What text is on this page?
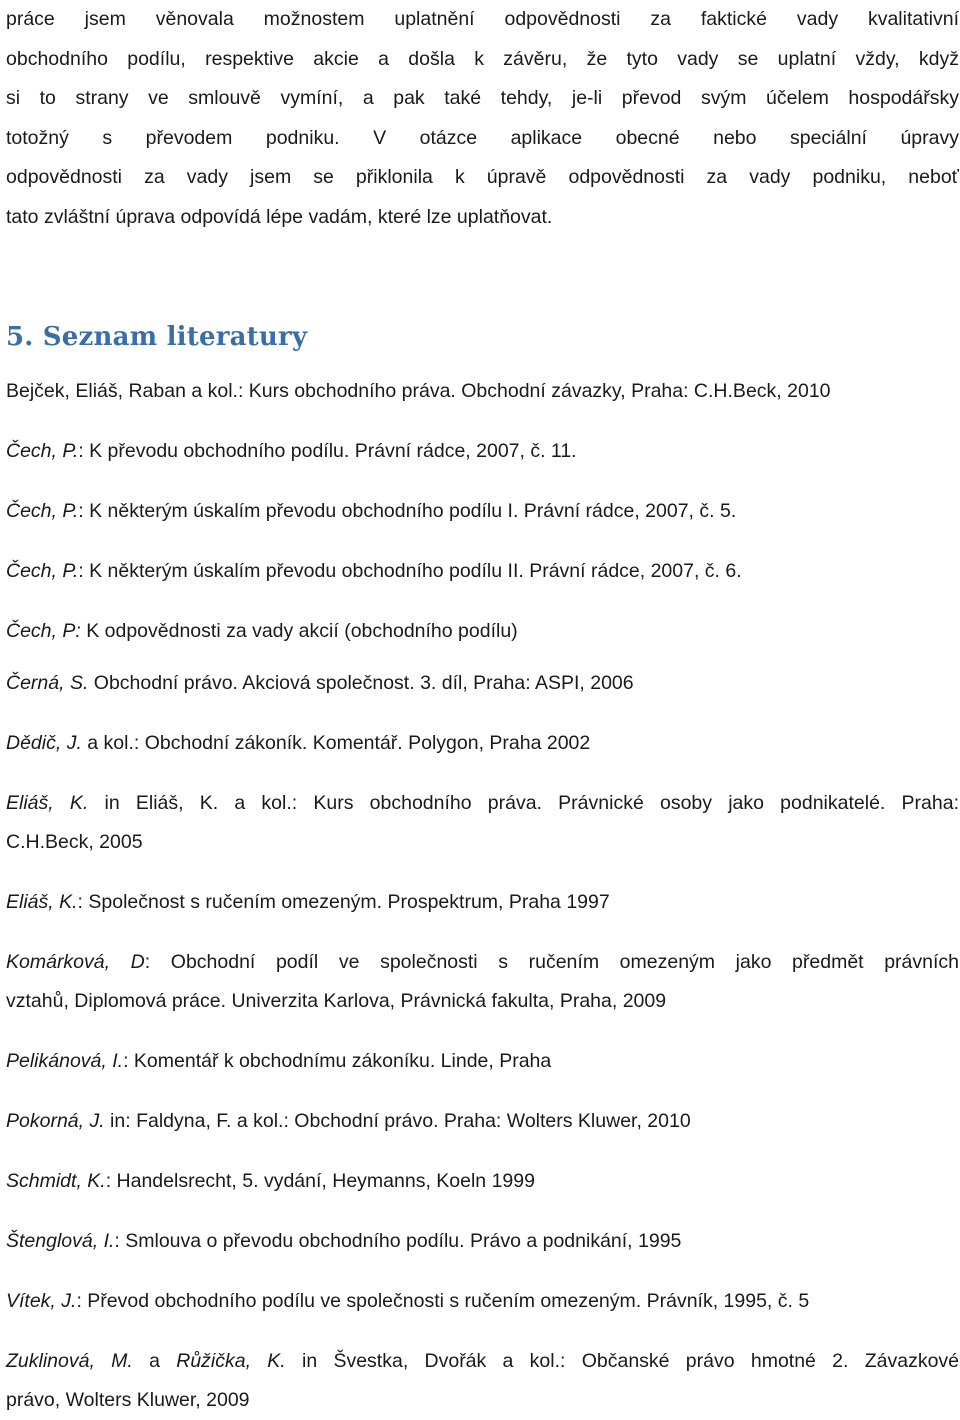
práce jsem věnovala možnostem uplatnění odpovědnosti za faktické vady kvalitativní
obchodního podílu, respektive akcie a došla k závěru, že tyto vady se uplatní vždy, když
si to strany ve smlouvě vymíní, a pak také tehdy, je-li převod svým účelem hospodářsky
totožný s převodem podniku. V otázce aplikace obecné nebo speciální úpravy
odpovědnosti za vady jsem se přiklonila k úpravě odpovědnosti za vady podniku, neboť
tato zvláštní úprava odpovídá lépe vadám, které lze uplatňovat.
5. Seznam literatury

Bejček, Eliáš, Raban a kol.: Kurs obchodního práva. Obchodní závazky, Praha: C.H.Beck, 2010

Čech, P.: K převodu obchodního podílu. Právní rádce, 2007, č. 11.

Čech, P.: K některým úskalím převodu obchodního podílu I. Právní rádce, 2007, č. 5.

Čech, P.: K některým úskalím převodu obchodního podílu II. Právní rádce, 2007, č. 6.

Čech, P: K odpovědnosti za vady akcií (obchodního podílu)

Černá, S. Obchodní právo. Akciová společnost. 3. díl, Praha: ASPI, 2006

Dědič, J. a kol.: Obchodní zákoník. Komentář. Polygon, Praha 2002

Eliáš, K. in Eliáš, K. a kol.: Kurs obchodního práva. Právnické osoby jako podnikatelé. Praha:
C.H.Beck, 2005

Eliáš, K.: Společnost s ručením omezeným. Prospektrum, Praha 1997

Komárková, D: Obchodní podíl ve společnosti s ručením omezeným jako předmět právních
vztahů, Diplomová práce. Univerzita Karlova, Právnická fakulta, Praha, 2009

Pelikánová, I.: Komentář k obchodnímu zákoníku. Linde, Praha

Pokorná, J. in: Faldyna, F. a kol.: Obchodní právo. Praha: Wolters Kluwer, 2010

Schmidt, K.: Handelsrecht, 5. vydání, Heymanns, Koeln 1999

Štenglová, I.: Smlouva o převodu obchodního podílu. Právo a podnikání, 1995

Vítek, J.: Převod obchodního podílu ve společnosti s ručením omezeným. Právník, 1995, č. 5

Zuklinová, M. a Růžička, K. in Švestka, Dvořák a kol.: Občanské právo hmotné 2. Závazkové
právo, Wolters Kluwer, 2009
